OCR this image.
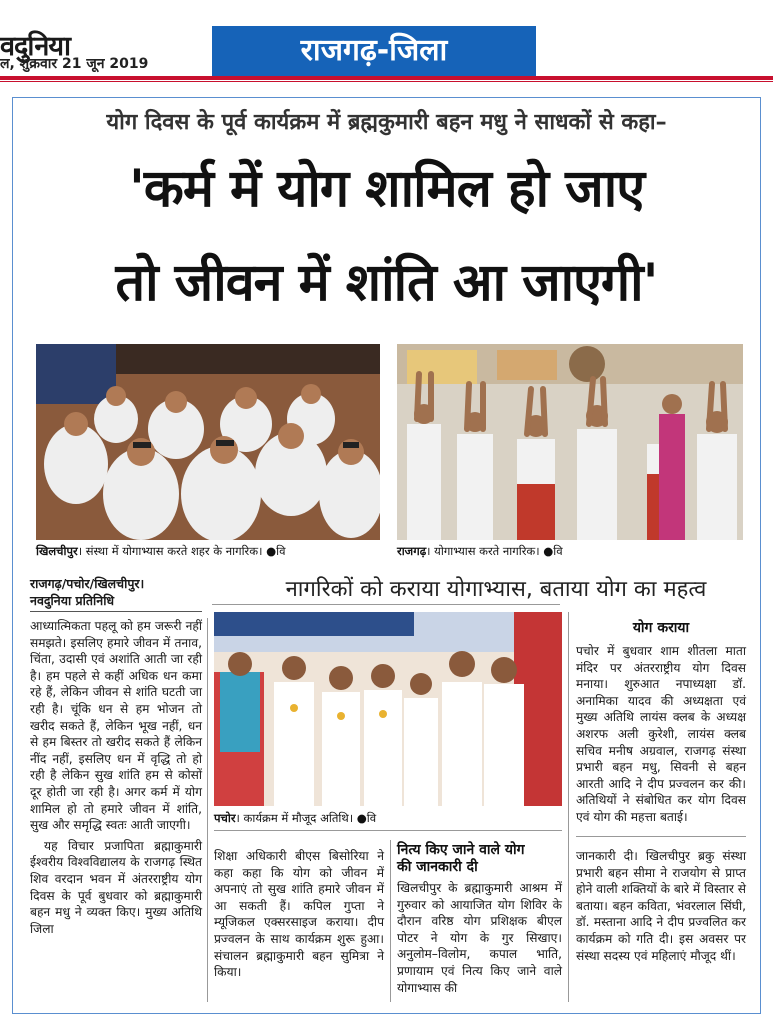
वदुनिया
ल, शुक्रवार 21 जून 2019	राजगढ़-जिला
योग दिवस के पूर्व कार्यक्रम में ब्रह्मकुमारी बहन मधु ने साधकों से कहा–
'कर्म में योग शामिल हो जाए
तो जीवन में शांति आ जाएगी'
खिलचीपुर। संस्था में योगाभ्यास करते शहर के नागरिक। ●वि	राजगढ़। योगाभ्यास करते नागरिक। ●वि
राजगढ़/पचोर/खिलचीपुर।
नवदुनिया प्रतिनिधि	नागरिकों को कराया योगाभ्यास, बताया योग का महत्व
आध्यात्मिकता पहलू को हम जरूरी नहीं समझते। इसलिए हमारे जीवन में तनाव, चिंता, उदासी एवं अशांति आती जा रही है। हम पहले से कहीं अधिक धन कमा रहे हैं, लेकिन जीवन से शांति घटती जा रही है। चूंकि धन से हम भोजन तो खरीद सकते हैं, लेकिन भूख नहीं, धन से हम बिस्तर तो खरीद सकते हैं लेकिन नींद नहीं, इसलिए धन में वृद्धि तो हो रही है लेकिन सुख शांति हम से कोसों दूर होती जा रही है। अगर कर्म में योग शामिल हो तो हमारे जीवन में शांति, सुख और समृद्धि स्वतः आती जाएगी।
यह विचार प्रजापिता ब्रह्माकुमारी ईश्वरीय विश्वविद्यालय के राजगढ़ स्थित शिव वरदान भवन में अंतरराष्ट्रीय योग दिवस के पूर्व बुधवार को ब्रह्माकुमारी बहन मधु ने व्यक्त किए। मुख्य अतिथि जिला
पचोर। कार्यक्रम में मौजूद अतिथि। ●वि
शिक्षा अधिकारी बीएस बिसोरिया ने कहा कहा कि योग को जीवन में अपनाएं तो सुख शांति हमारे जीवन में आ सकती हैं। कपिल गुप्ता ने म्यूजिकल एक्सरसाइज कराया। दीप प्रज्वलन के साथ कार्यक्रम शुरू हुआ। संचालन ब्रह्माकुमारी बहन सुमित्रा ने किया।
नित्य किए जाने वाले योग
की जानकारी दी
खिलचीपुर के ब्रह्माकुमारी आश्रम में गुरुवार को आयाजित योग शिविर के दौरान वरिष्ठ योग प्रशिक्षक बीएल पोटर ने योग के गुर सिखाए। अनुलोम–विलोम, कपाल भाति, प्रणायाम एवं नित्य किए जाने वाले योगाभ्यास की
योग कराया
पचोर में बुधवार शाम शीतला माता मंदिर पर अंतरराष्ट्रीय योग दिवस मनाया। शुरुआत नपाध्यक्षा डॉ. अनामिका यादव की अध्यक्षता एवं मुख्य अतिथि लायंस क्लब के अध्यक्ष अशरफ अली कुरेशी, लायंस क्लब सचिव मनीष अग्रवाल, राजगढ़ संस्था प्रभारी बहन मधु, सिवनी से बहन आरती आदि ने दीप प्रज्वलन कर की। अतिथियों ने संबोधित कर योग दिवस एवं योग की महत्ता बताई।
जानकारी दी। खिलचीपुर ब्रकु संस्था प्रभारी बहन सीमा ने राजयोग से प्राप्त होने वाली शक्तियों के बारे में विस्तार से बताया। बहन कविता, भंवरलाल सिंघी, डॉ. मस्ताना आदि ने दीप प्रज्वलित कर कार्यक्रम को गति दी। इस अवसर पर संस्था सदस्य एवं महिलाएं मौजूद थीं।
